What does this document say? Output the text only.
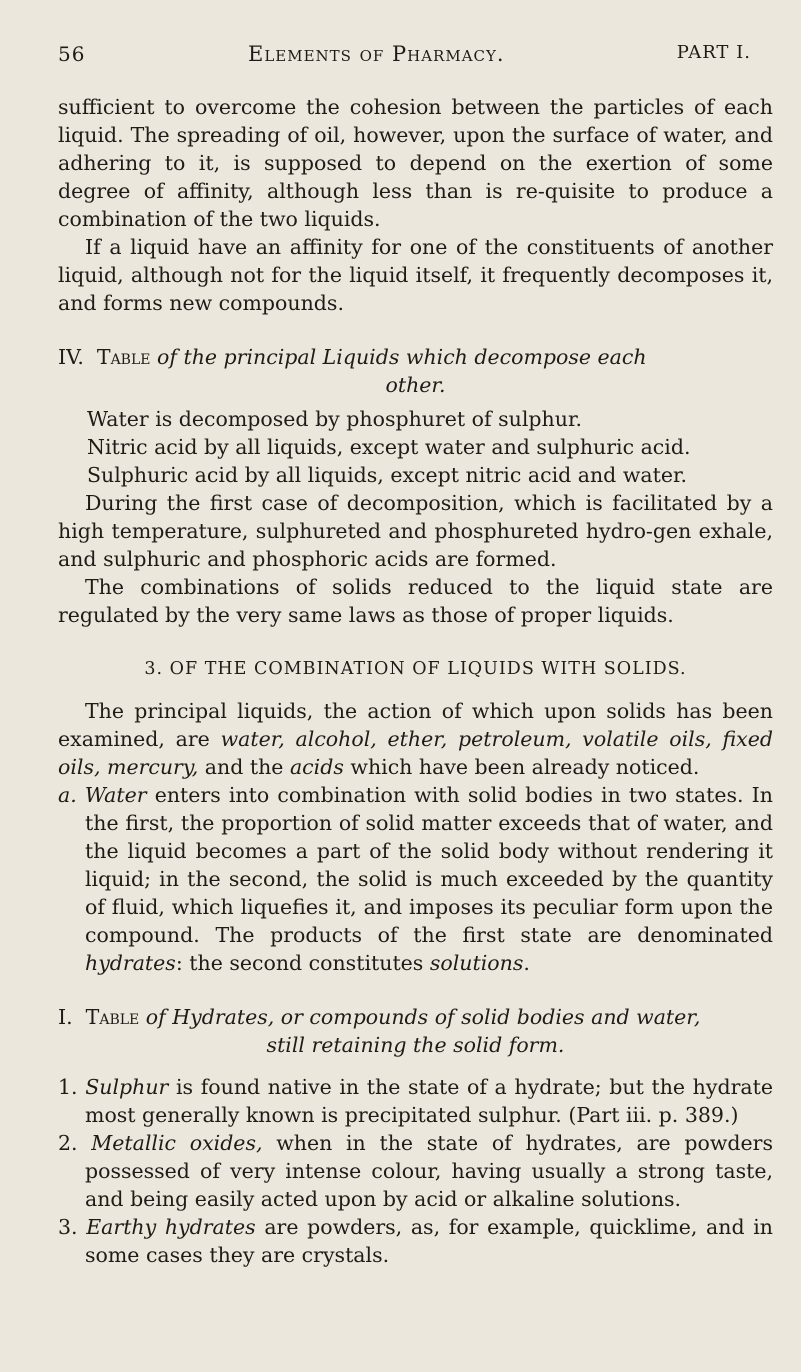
56	Elements of Pharmacy.	PART I.

sufficient to overcome the cohesion between the particles of each liquid. The spreading of oil, however, upon the surface of water, and adhering to it, is supposed to depend on the exertion of some degree of affinity, although less than is re-quisite to produce a combination of the two liquids.

If a liquid have an affinity for one of the constituents of another liquid, although not for the liquid itself, it frequently decomposes it, and forms new compounds.

IV. Table of the principal Liquids which decompose each
other.

Water is decomposed by phosphuret of sulphur.

Nitric acid by all liquids, except water and sulphuric acid.

Sulphuric acid by all liquids, except nitric acid and water.

During the first case of decomposition, which is facilitated by a high temperature, sulphureted and phosphureted hydro-gen exhale, and sulphuric and phosphoric acids are formed.

The combinations of solids reduced to the liquid state are regulated by the very same laws as those of proper liquids.

3. OF THE COMBINATION OF LIQUIDS WITH SOLIDS.

The principal liquids, the action of which upon solids has been examined, are water, alcohol, ether, petroleum, volatile oils, fixed oils, mercury, and the acids which have been already noticed.

a. Water enters into combination with solid bodies in two states. In the first, the proportion of solid matter exceeds that of water, and the liquid becomes a part of the solid body without rendering it liquid; in the second, the solid is much exceeded by the quantity of fluid, which liquefies it, and imposes its peculiar form upon the compound. The products of the first state are denominated hydrates: the second constitutes solutions.

I. Table of Hydrates, or compounds of solid bodies and water,
still retaining the solid form.

1. Sulphur is found native in the state of a hydrate; but the hydrate most generally known is precipitated sulphur. (Part iii. p. 389.)

2. Metallic oxides, when in the state of hydrates, are powders possessed of very intense colour, having usually a strong taste, and being easily acted upon by acid or alkaline solutions.

3. Earthy hydrates are powders, as, for example, quicklime, and in some cases they are crystals.
